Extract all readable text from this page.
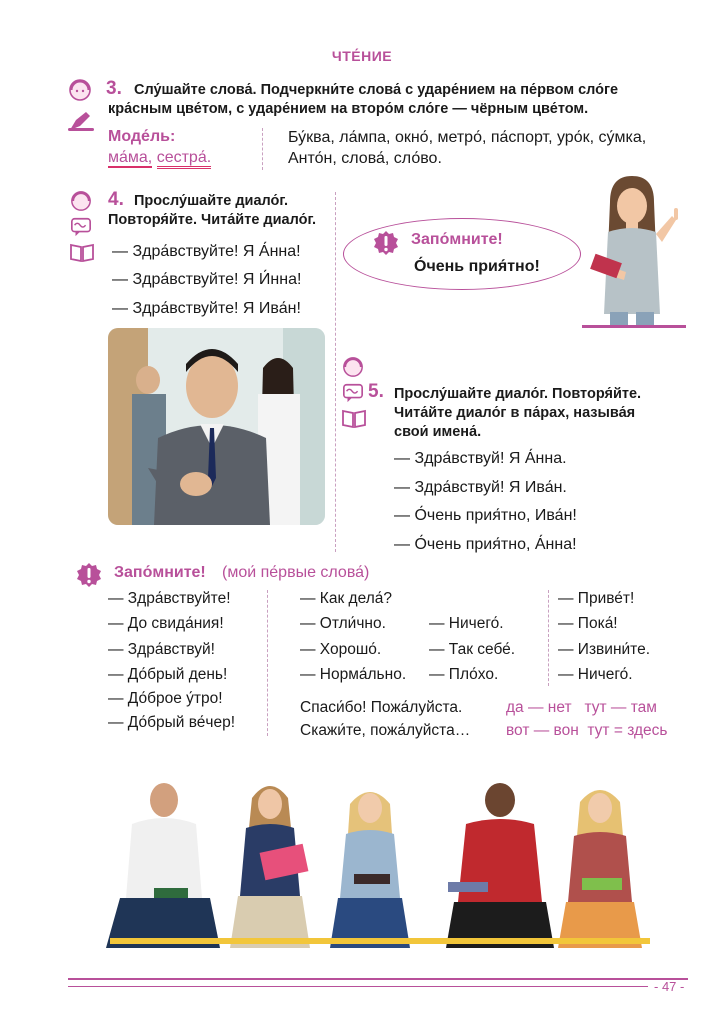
ЧТЕ́НИЕ
3. Слу́шайте слова́. Подчеркни́те слова́ с ударе́нием на пе́рвом сло́ге
кра́сным цве́том, с ударе́нием на второ́м сло́ге — чёрным цве́том.
Моде́ль:
ма́ма, сестра́.
Бу́ква, ла́мпа, окно́, метро́, па́спорт, уро́к, су́мка,
Анто́н, слова́, сло́во.
4. Прослу́шайте диало́г.
Повторя́йте. Чита́йте диало́г.
— Здра́вствуйте! Я А́нна!
— Здра́вствуйте! Я И́нна!
— Здра́вствуйте! Я Ива́н!
Запо́мните!
О́чень прия́тно!
5. Прослу́шайте диало́г. Повторя́йте.
Чита́йте диало́г в па́рах, называ́я
свои́ имена́.
— Здра́вствуй! Я А́нна.
— Здра́вствуй! Я Ива́н.
— О́чень прия́тно, Ива́н!
— О́чень прия́тно, А́нна!
Запо́мните! (мои́ пе́рвые слова́)
— Здра́вствуйте!
— До свида́ния!
— Здра́вствуй!
— До́брый день!
— До́брое у́тро!
— До́брый ве́чер!
— Как дела́?
— Отли́чно.
— Хорошо́.
— Норма́льно.
— Ничего́.
— Так себе́.
— Пло́хо.
— Приве́т!
— Пока́!
— Извини́те.
— Ничего́.
Спаси́бо! Пожа́луйста.
Скажи́те, пожа́луйста…
да — нет   тут — там
вот — вон  тут = здесь
- 47 -
